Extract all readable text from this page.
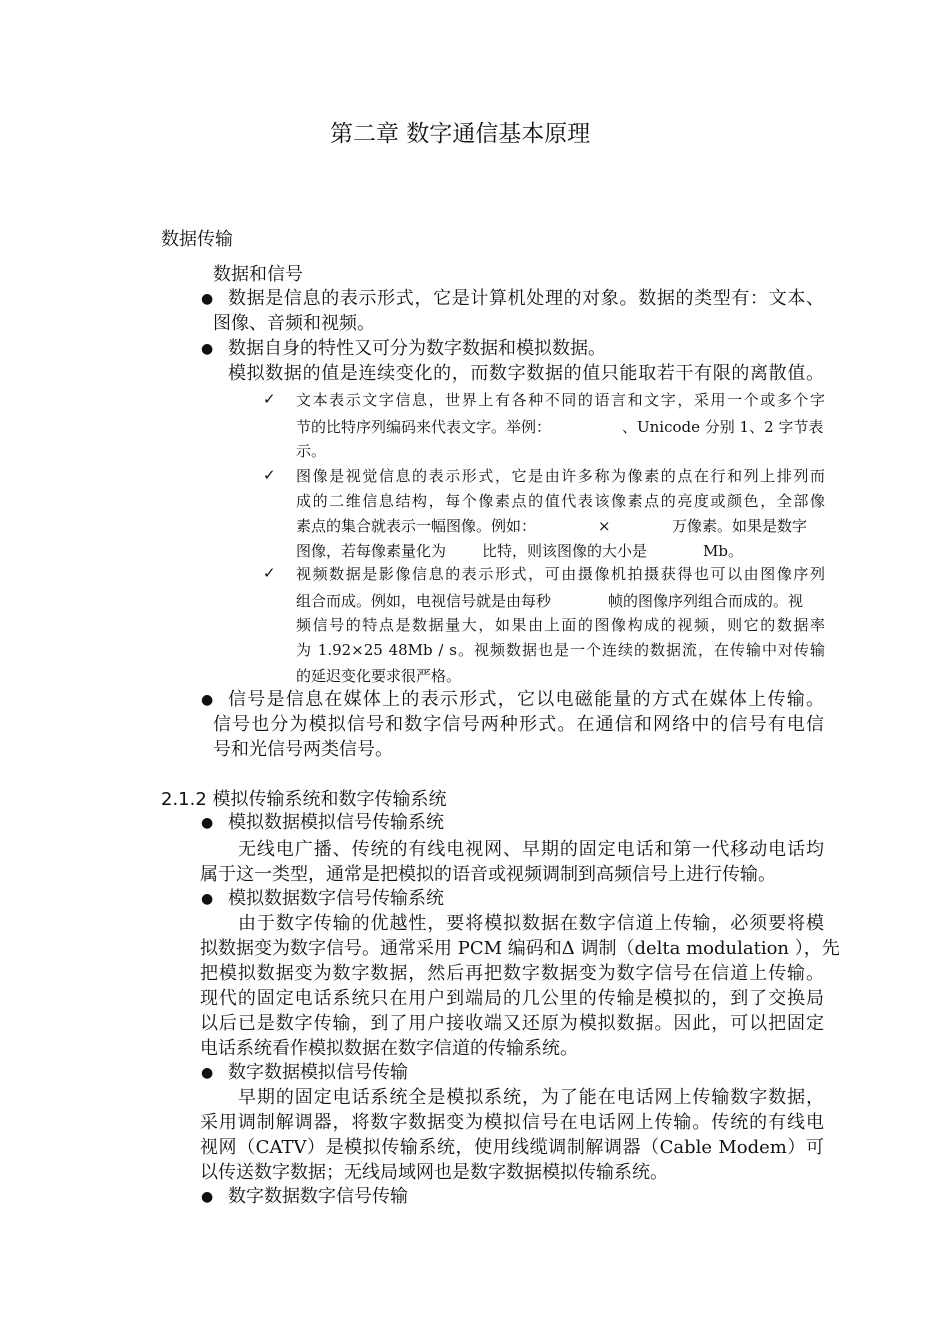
第二章 数字通信基本原理
数据传输
数据和信号
● 数据是信息的表示形式，它是计算机处理的对象。数据的类型有：文本、
图像、音频和视频。
● 数据自身的特性又可分为数字数据和模拟数据。
模拟数据的值是连续变化的，而数字数据的值只能取若干有限的离散值。
✓ 文本表示文字信息，世界上有各种不同的语言和文字，采用一个或多个字
节的比特序列编码来代表文字。举例：	、Unicode 分别 1、2 字节表
示。
✓ 图像是视觉信息的表示形式，它是由许多称为像素的点在行和列上排列而
成的二维信息结构，每个像素点的值代表该像素点的亮度或颜色，全部像
素点的集合就表示一幅图像。例如：	×	万像素。如果是数字
图像，若每像素量化为 比特，则该图像的大小是	Mb。
✓ 视频数据是影像信息的表示形式，可由摄像机拍摄获得也可以由图像序列
组合而成。例如，电视信号就是由每秒	帧的图像序列组合而成的。视
频信号的特点是数据量大，如果由上面的图像构成的视频，则它的数据率
为 1.92×25 48Mb / s。视频数据也是一个连续的数据流，在传输中对传输
的延迟变化要求很严格。
● 信号是信息在媒体上的表示形式，它以电磁能量的方式在媒体上传输。
信号也分为模拟信号和数字信号两种形式。在通信和网络中的信号有电信
号和光信号两类信号。
2.1.2 模拟传输系统和数字传输系统
● 模拟数据模拟信号传输系统
无线电广播、传统的有线电视网、早期的固定电话和第一代移动电话均
属于这一类型，通常是把模拟的语音或视频调制到高频信号上进行传输。
● 模拟数据数字信号传输系统
由于数字传输的优越性，要将模拟数据在数字信道上传输，必须要将模
拟数据变为数字信号。通常采用 PCM 编码和Δ 调制（delta modulation ），先
把模拟数据变为数字数据，然后再把数字数据变为数字信号在信道上传输。
现代的固定电话系统只在用户到端局的几公里的传输是模拟的，到了交换局
以后已是数字传输，到了用户接收端又还原为模拟数据。因此，可以把固定
电话系统看作模拟数据在数字信道的传输系统。
● 数字数据模拟信号传输
早期的固定电话系统全是模拟系统，为了能在电话网上传输数字数据，
采用调制解调器，将数字数据变为模拟信号在电话网上传输。传统的有线电
视网（CATV）是模拟传输系统，使用线缆调制解调器（Cable Modem）可
以传送数字数据；无线局域网也是数字数据模拟传输系统。
● 数字数据数字信号传输
